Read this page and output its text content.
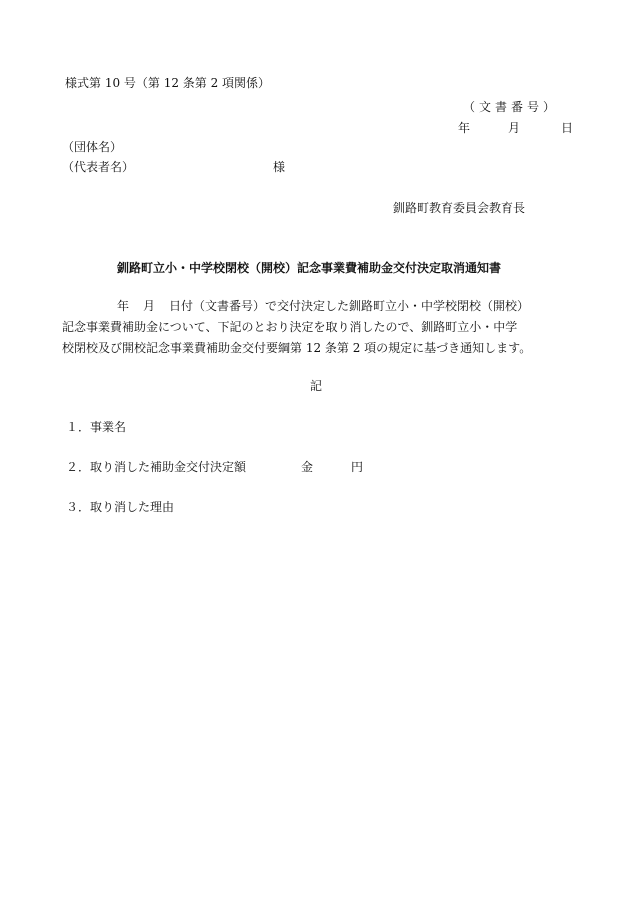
様式第 10 号（第 12 条第 2 項関係）
（文書番号）
年	月	日
（団体名）
（代表者名）	様
釧路町教育委員会教育長
釧路町立小・中学校閉校（開校）記念事業費補助金交付決定取消通知書
年 月 日付（文書番号）で交付決定した釧路町立小・中学校閉校（開校）
記念事業費補助金について、下記のとおり決定を取り消したので、釧路町立小・中学
校閉校及び開校記念事業費補助金交付要綱第 12 条第 2 項の規定に基づき通知します。
記
１．事業名
２．取り消した補助金交付決定額	金	円
３．取り消した理由
